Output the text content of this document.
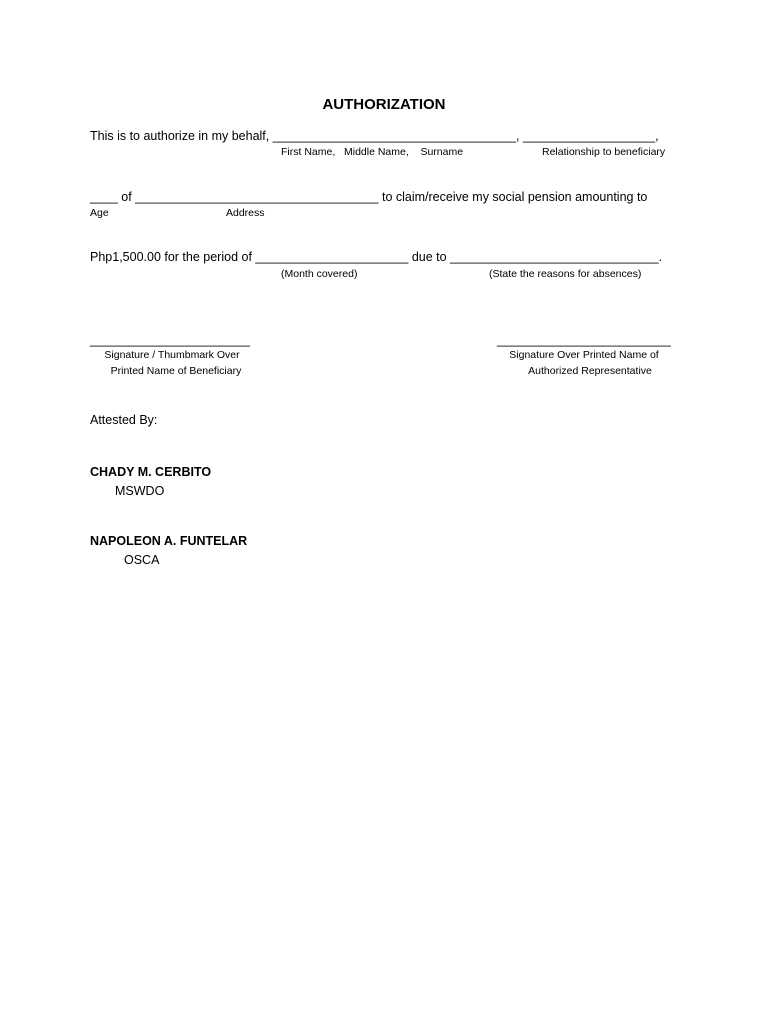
AUTHORIZATION
This is to authorize in my behalf, ___________________________________, ___________________,
First Name,   Middle Name,    Surname	Relationship to beneficiary
____ of ___________________________________ to claim/receive my social pension amounting to
Age	Address
Php1,500.00 for the period of ______________________ due to ______________________________.
(Month covered)	(State the reasons for absences)
_______________________
Signature / Thumbmark Over
Printed Name of Beneficiary
_________________________
Signature Over Printed Name of
Authorized Representative
Attested By:
CHADY M. CERBITO
MSWDO
NAPOLEON A. FUNTELAR
OSCA
